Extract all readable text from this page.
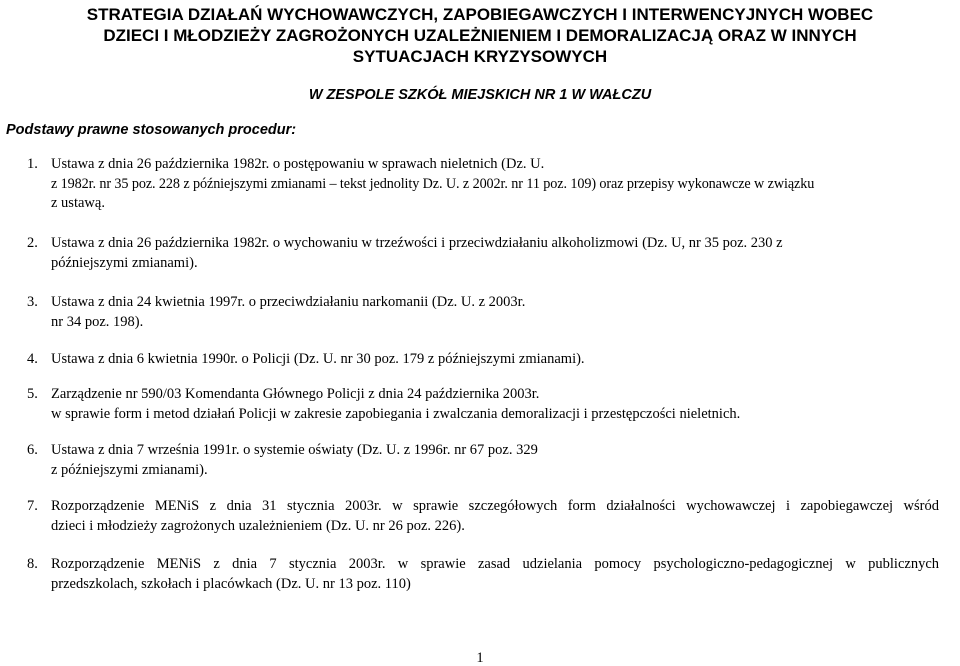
STRATEGIA DZIAŁAŃ WYCHOWAWCZYCH, ZAPOBIEGAWCZYCH I INTERWENCYJNYCH WOBEC
DZIECI I MŁODZIEŻY ZAGROŻONYCH UZALEŻNIENIEM I DEMORALIZACJĄ ORAZ W INNYCH
SYTUACJACH KRYZYSOWYCH
W ZESPOLE SZKÓŁ MIEJSKICH NR 1 W WAŁCZU
Podstawy prawne stosowanych procedur:
1. Ustawa z dnia 26 października 1982r. o postępowaniu w sprawach nieletnich (Dz. U.
z 1982r. nr 35 poz. 228 z późniejszymi zmianami – tekst jednolity Dz. U. z 2002r. nr 11 poz. 109) oraz przepisy wykonawcze w związku
z ustawą.
2. Ustawa z dnia 26 października 1982r. o wychowaniu w trzeźwości i przeciwdziałaniu alkoholizmowi (Dz. U, nr 35 poz. 230 z
późniejszymi zmianami).
3. Ustawa z dnia 24 kwietnia 1997r. o przeciwdziałaniu narkomanii (Dz. U. z 2003r.
nr 34 poz. 198).
4. Ustawa z dnia 6 kwietnia 1990r. o Policji (Dz. U. nr 30 poz. 179 z późniejszymi zmianami).
5. Zarządzenie nr 590/03 Komendanta Głównego Policji z dnia 24 października 2003r.
w sprawie form i metod działań Policji w zakresie zapobiegania i zwalczania demoralizacji i przestępczości nieletnich.
6. Ustawa z dnia 7 września 1991r. o systemie oświaty (Dz. U. z 1996r. nr 67 poz. 329
z późniejszymi zmianami).
7. Rozporządzenie MENiS z dnia 31 stycznia 2003r. w sprawie szczegółowych form działalności wychowawczej i zapobiegawczej wśród
dzieci i młodzieży zagrożonych uzależnieniem (Dz. U. nr 26 poz. 226).
8. Rozporządzenie MENiS z dnia 7 stycznia 2003r. w sprawie zasad udzielania pomocy psychologiczno-pedagogicznej w publicznych
przedszkolach, szkołach i placówkach (Dz. U. nr 13 poz. 110)
1
